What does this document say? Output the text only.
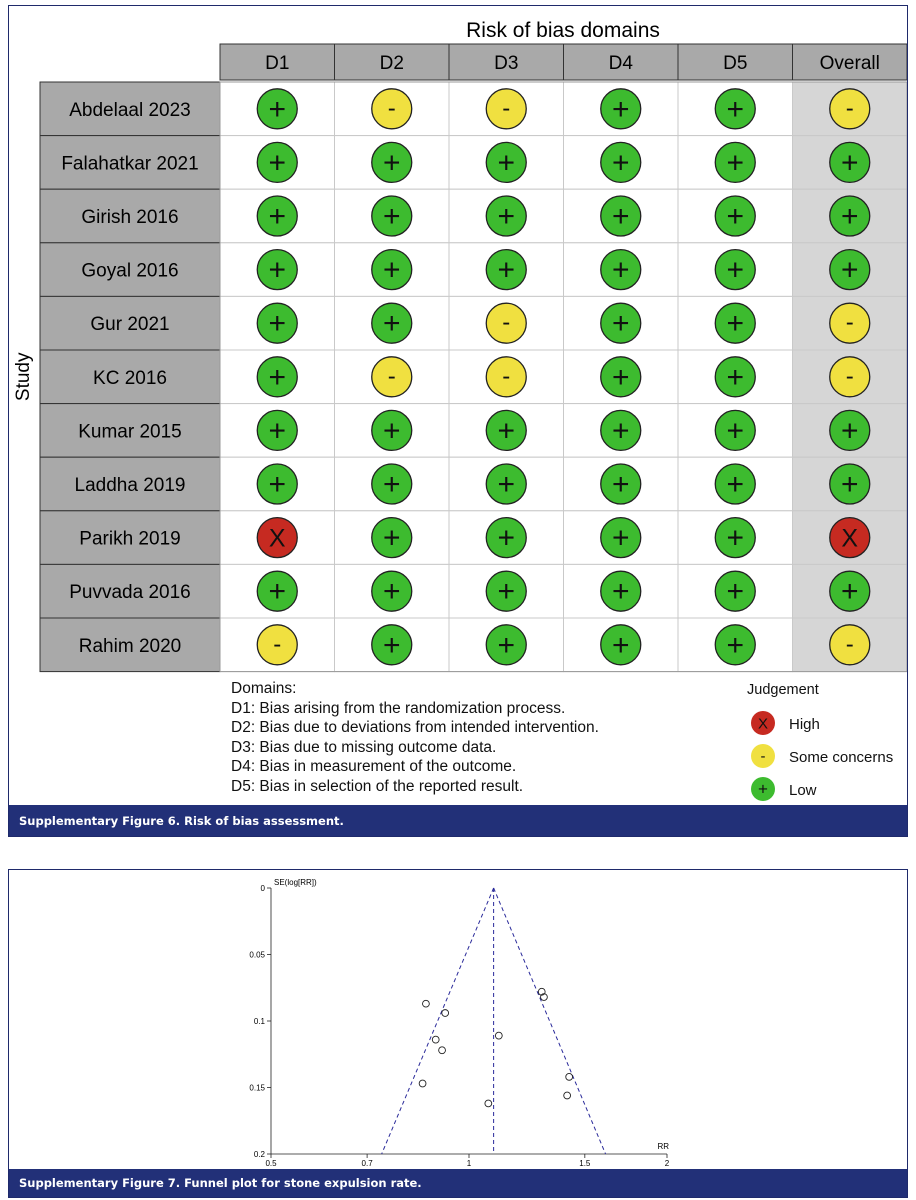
Risk of bias domains
Study
D1	D2	D3	D4	D5	Overall
Abdelaal 2023	+	-	-	+	+	-
Falahatkar 2021 +	+	+	+	+	+
Girish 2016	+	+	+	+	+	+
Goyal 2016	+	+	+	+	+	+
Gur 2021	+	+	-	+	+	-
KC 2016	+	-	-	+	+	-
Kumar 2015	+	+	+	+	+	+
Laddha 2019	+	+	+	+	+	+
Parikh 2019	X	+	+	+	+	X
Puvvada 2016	+	+	+	+	+	+
Rahim 2020	-	+	+	+	+	-
Domains:
D1: Bias arising from the randomization process.
D2: Bias due to deviations from intended intervention.
D3: Bias due to missing outcome data.
D4: Bias in measurement of the outcome.
D5: Bias in selection of the reported result.
Judgement
X
-
+
High
Some concerns
Low
Supplementary Figure 6. Risk of bias assessment.
0
0.05
0.1
0.15
0.2
0.5	0.7	1	1.5	2
SE(log[RR])
RR
Supplementary Figure 7. Funnel plot for stone expulsion rate.
